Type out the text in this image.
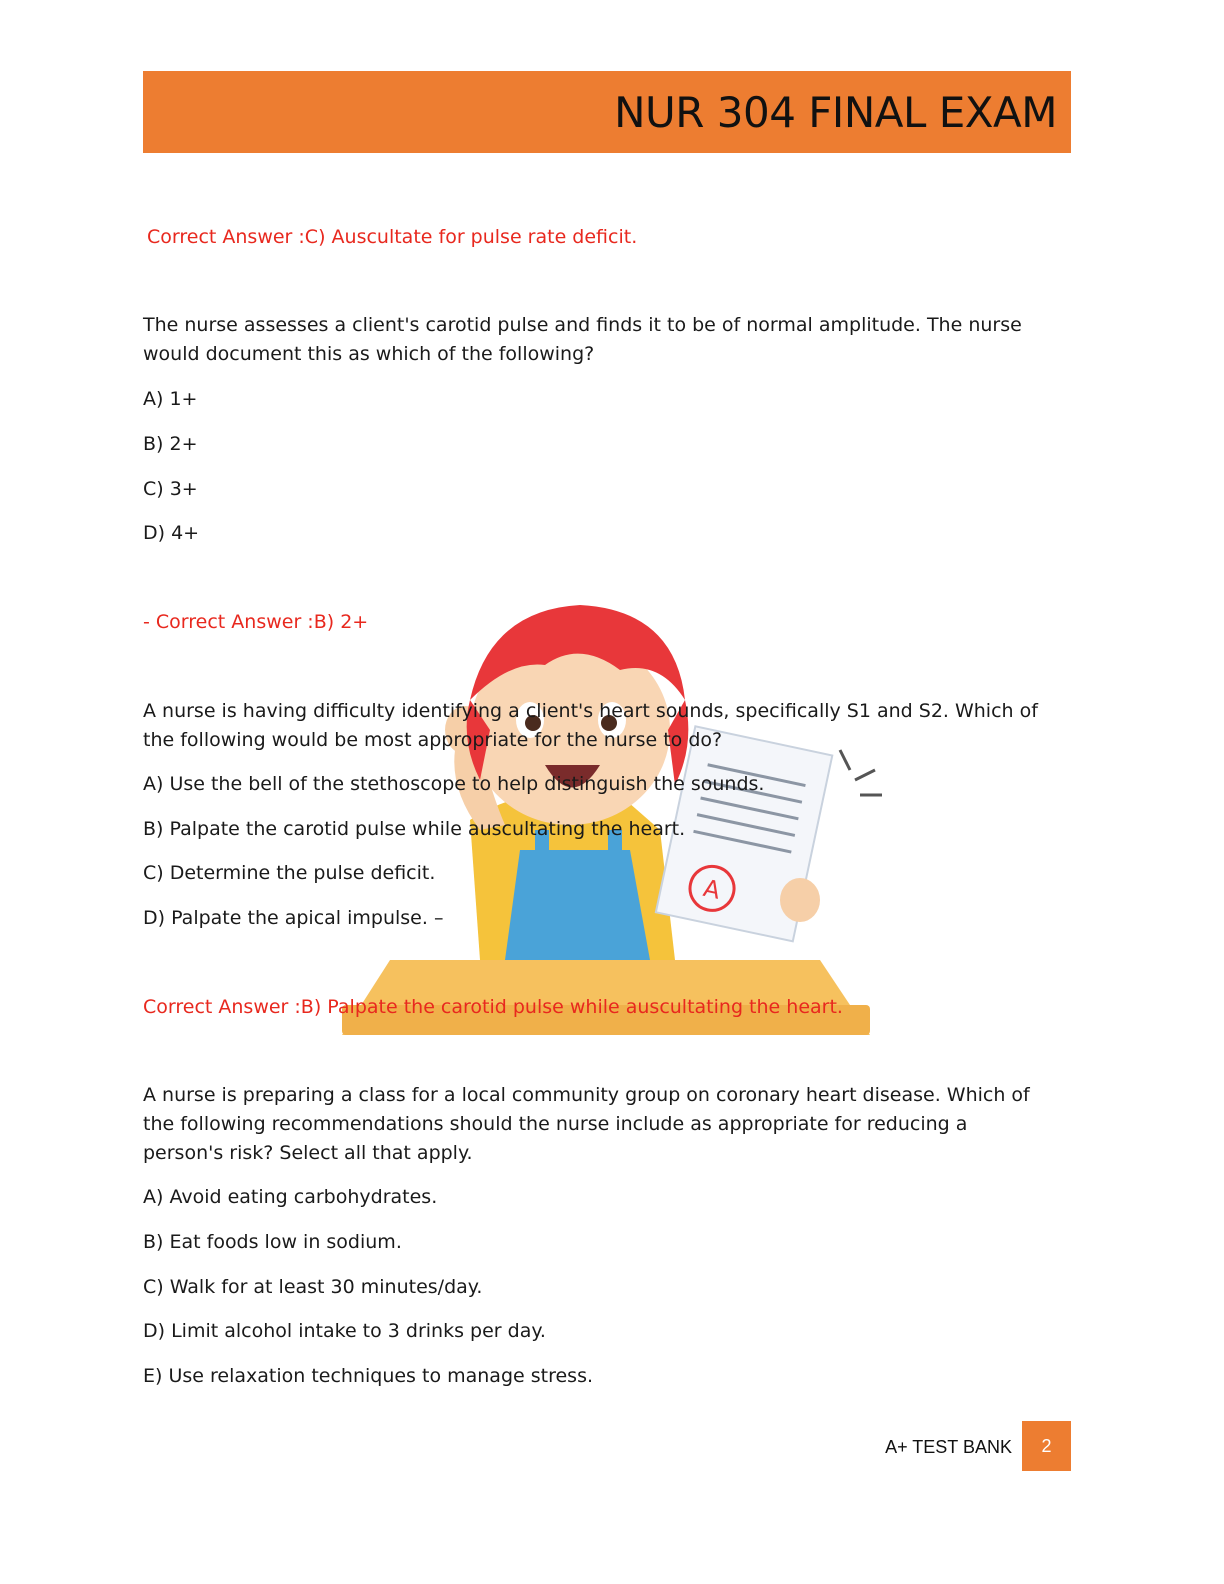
NUR 304 FINAL EXAM
Correct Answer :C) Auscultate for pulse rate deficit.
The nurse assesses a client's carotid pulse and finds it to be of normal amplitude. The nurse would document this as which of the following?
A) 1+
B) 2+
C) 3+
D) 4+
- Correct Answer :B) 2+
A
A nurse is having difficulty identifying a client's heart sounds, specifically S1 and S2. Which of the following would be most appropriate for the nurse to do?
A) Use the bell of the stethoscope to help distinguish the sounds.
B) Palpate the carotid pulse while auscultating the heart.
C) Determine the pulse deficit.
D) Palpate the apical impulse. –
Correct Answer :B) Palpate the carotid pulse while auscultating the heart.
A nurse is preparing a class for a local community group on coronary heart disease. Which of the following recommendations should the nurse include as appropriate for reducing a person's risk? Select all that apply.
A) Avoid eating carbohydrates.
B) Eat foods low in sodium.
C) Walk for at least 30 minutes/day.
D) Limit alcohol intake to 3 drinks per day.
E) Use relaxation techniques to manage stress.
A+ TEST BANK	2
